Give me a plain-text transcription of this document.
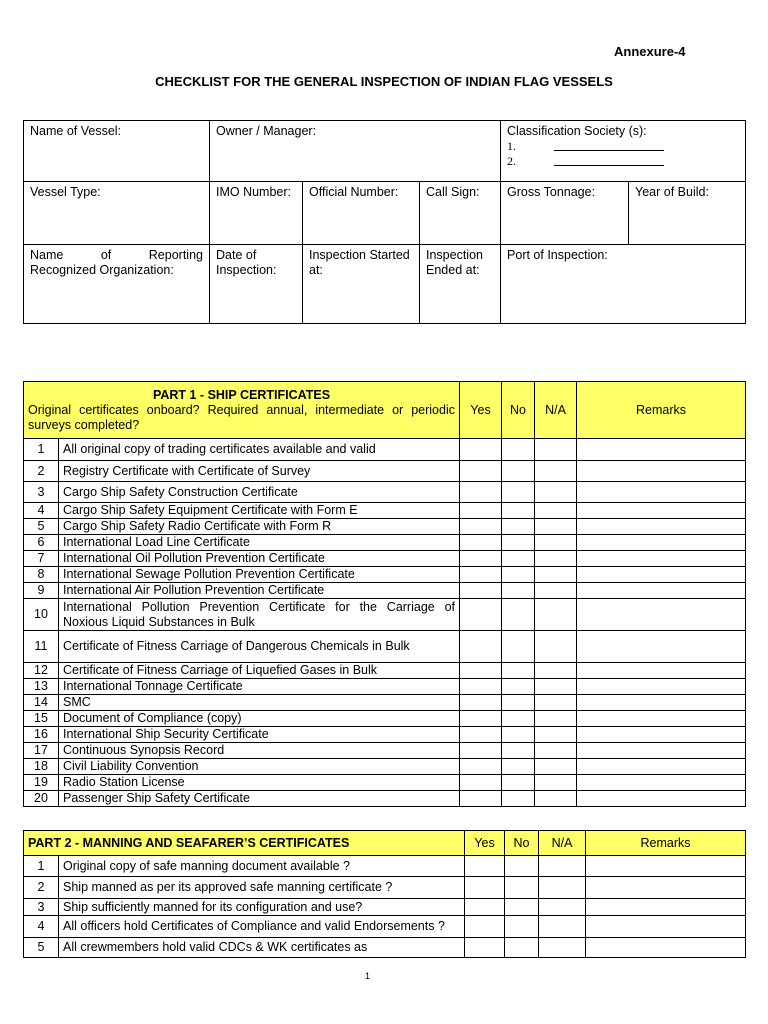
Annexure-4
CHECKLIST FOR THE GENERAL INSPECTION OF INDIAN FLAG VESSELS
Name of Vessel:	Owner / Manager:			Classification Society (s):
1.
2.	

Vessel Type:	IMO Number:	Official Number:	Call Sign:	Gross Tonnage:	Year of Build:

Name of Reporting
Recognized Organization:	Date of Inspection:	Inspection Started at:	Inspection Ended at:	Port of Inspection:	
PART 1 - SHIP CERTIFICATES
Original certificates onboard? Required annual, intermediate or periodic surveys completed?		Yes	No	N/A	Remarks
1	All original copy of trading certificates available and valid				
2	Registry Certificate with Certificate of Survey				
3	Cargo Ship Safety Construction Certificate				
4	Cargo Ship Safety Equipment Certificate with Form E				
5	Cargo Ship Safety Radio Certificate with Form R				
6	International Load Line Certificate				
7	International Oil Pollution Prevention Certificate				
8	International Sewage Pollution Prevention Certificate				
9	International Air Pollution Prevention Certificate				
10	International Pollution Prevention Certificate for the Carriage of Noxious Liquid Substances in Bulk				
11	Certificate of Fitness Carriage of Dangerous Chemicals in Bulk				
12	Certificate of Fitness Carriage of Liquefied Gases in Bulk				
13	International Tonnage Certificate				
14	SMC				
15	Document of Compliance (copy)				
16	International Ship Security Certificate				
17	Continuous Synopsis Record				
18	Civil Liability Convention				
19	Radio Station License				
20	Passenger Ship Safety Certificate				
PART 2 - MANNING AND SEAFARER’S CERTIFICATES		Yes	No	N/A	Remarks
1	Original copy of safe manning document available ?				
2	Ship manned as per its approved safe manning certificate ?				
3	Ship sufficiently manned for its configuration and use?				
4	All officers hold Certificates of Compliance and valid Endorsements ?				
5	All crewmembers hold valid CDCs & WK certificates as				
1
